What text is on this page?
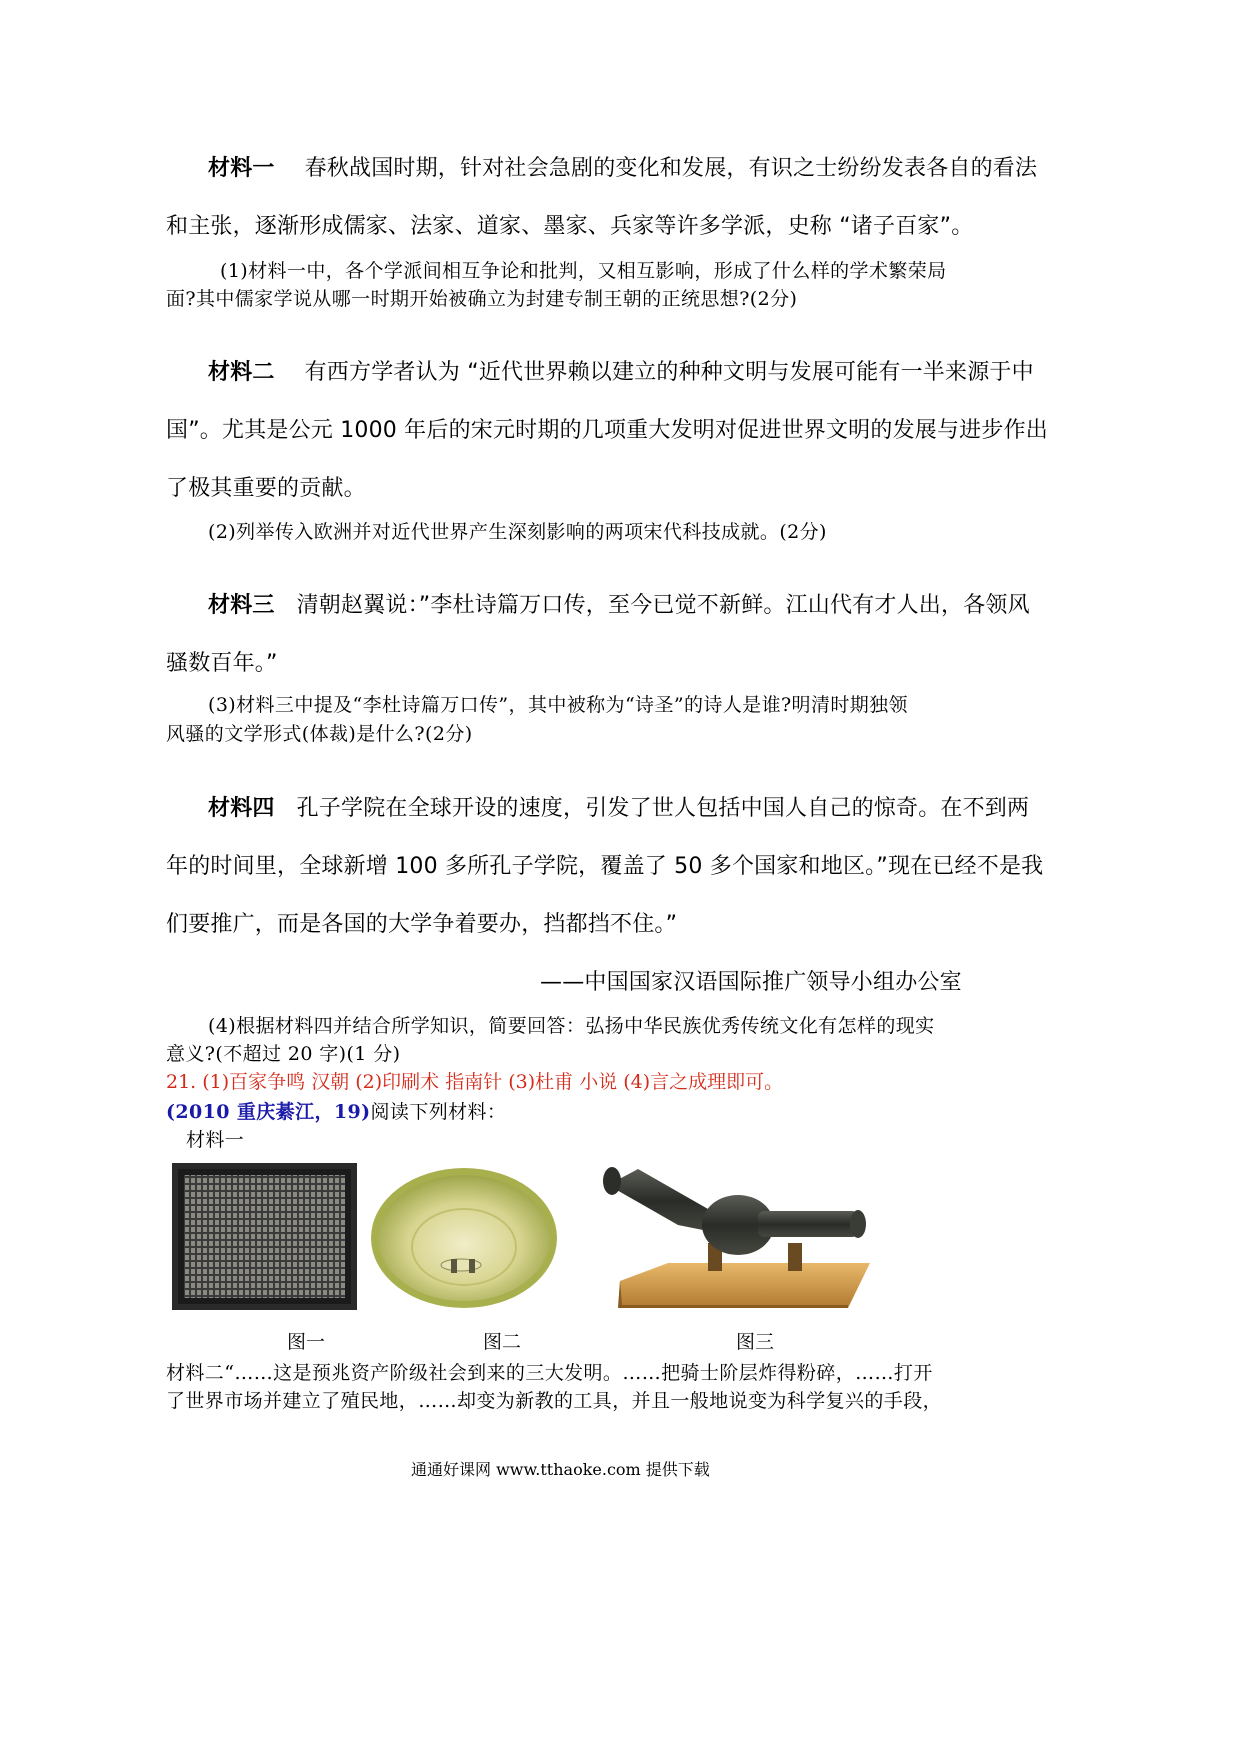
材料一 春秋战国时期，针对社会急剧的变化和发展，有识之士纷纷发表各自的看法
和主张，逐渐形成儒家、法家、道家、墨家、兵家等许多学派，史称 “诸子百家”。
(1)材料一中，各个学派间相互争论和批判，又相互影响，形成了什么样的学术繁荣局
面?其中儒家学说从哪一时期开始被确立为封建专制王朝的正统思想?(2分)
材料二 有西方学者认为 “近代世界赖以建立的种种文明与发展可能有一半来源于中
国”。尤其是公元 1000 年后的宋元时期的几项重大发明对促进世界文明的发展与进步作出
了极其重要的贡献。
(2)列举传入欧洲并对近代世界产生深刻影响的两项宋代科技成就。(2分)
材料三 清朝赵翼说：”李杜诗篇万口传，至今已觉不新鲜。江山代有才人出，各领风
骚数百年。”
(3)材料三中提及“李杜诗篇万口传”，其中被称为“诗圣”的诗人是谁?明清时期独领
风骚的文学形式(体裁)是什么?(2分)
材料四 孔子学院在全球开设的速度，引发了世人包括中国人自己的惊奇。在不到两
年的时间里，全球新增 100 多所孔子学院，覆盖了 50 多个国家和地区。”现在已经不是我
们要推广，而是各国的大学争着要办，挡都挡不住。”
——中国国家汉语国际推广领导小组办公室
(4)根据材料四并结合所学知识，简要回答：弘扬中华民族优秀传统文化有怎样的现实
意义?(不超过 20 字)(1 分)
21. (1)百家争鸣 汉朝 (2)印刷术 指南针 (3)杜甫 小说 (4)言之成理即可。
(2010 重庆綦江，19)阅读下列材料：
材料一
图一	图二	图三
材料二“……这是预兆资产阶级社会到来的三大发明。……把骑士阶层炸得粉碎，……打开
了世界市场并建立了殖民地，……却变为新教的工具，并且一般地说变为科学复兴的手段，
通通好课网 www.tthaoke.com 提供下载
